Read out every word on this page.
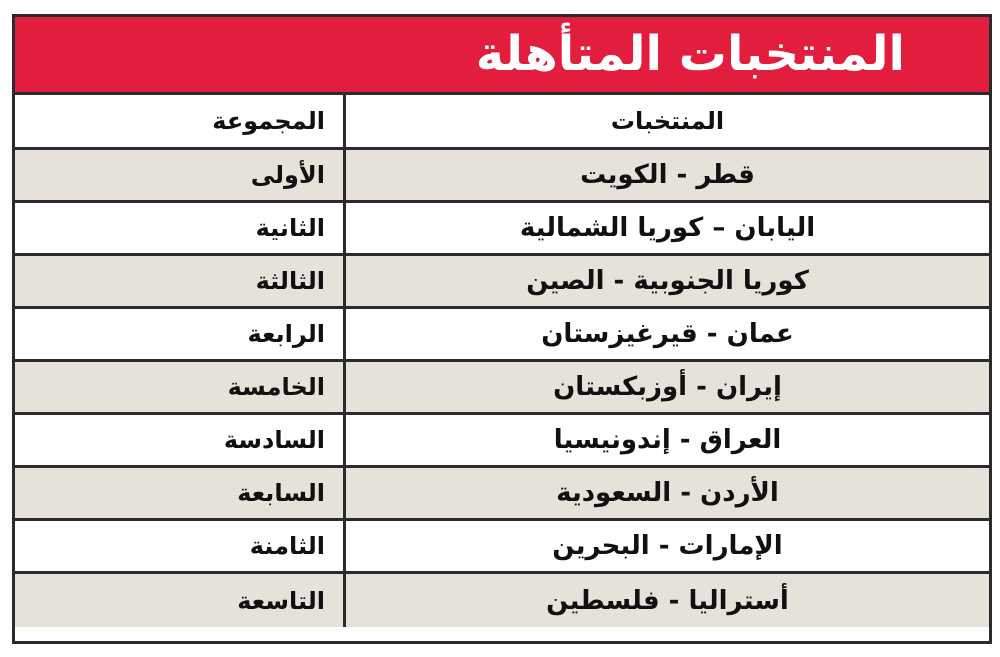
المنتخبات المتأهلة
المجموعة	المنتخبات
الأولى	قطر - الكويت
الثانية	اليابان – كوريا الشمالية
الثالثة	كوريا الجنوبية - الصين
الرابعة	عمان - قيرغيزستان
الخامسة	إيران - أوزبكستان
السادسة	العراق - إندونيسيا
السابعة	الأردن - السعودية
الثامنة	الإمارات - البحرين
التاسعة	أستراليا - فلسطين
